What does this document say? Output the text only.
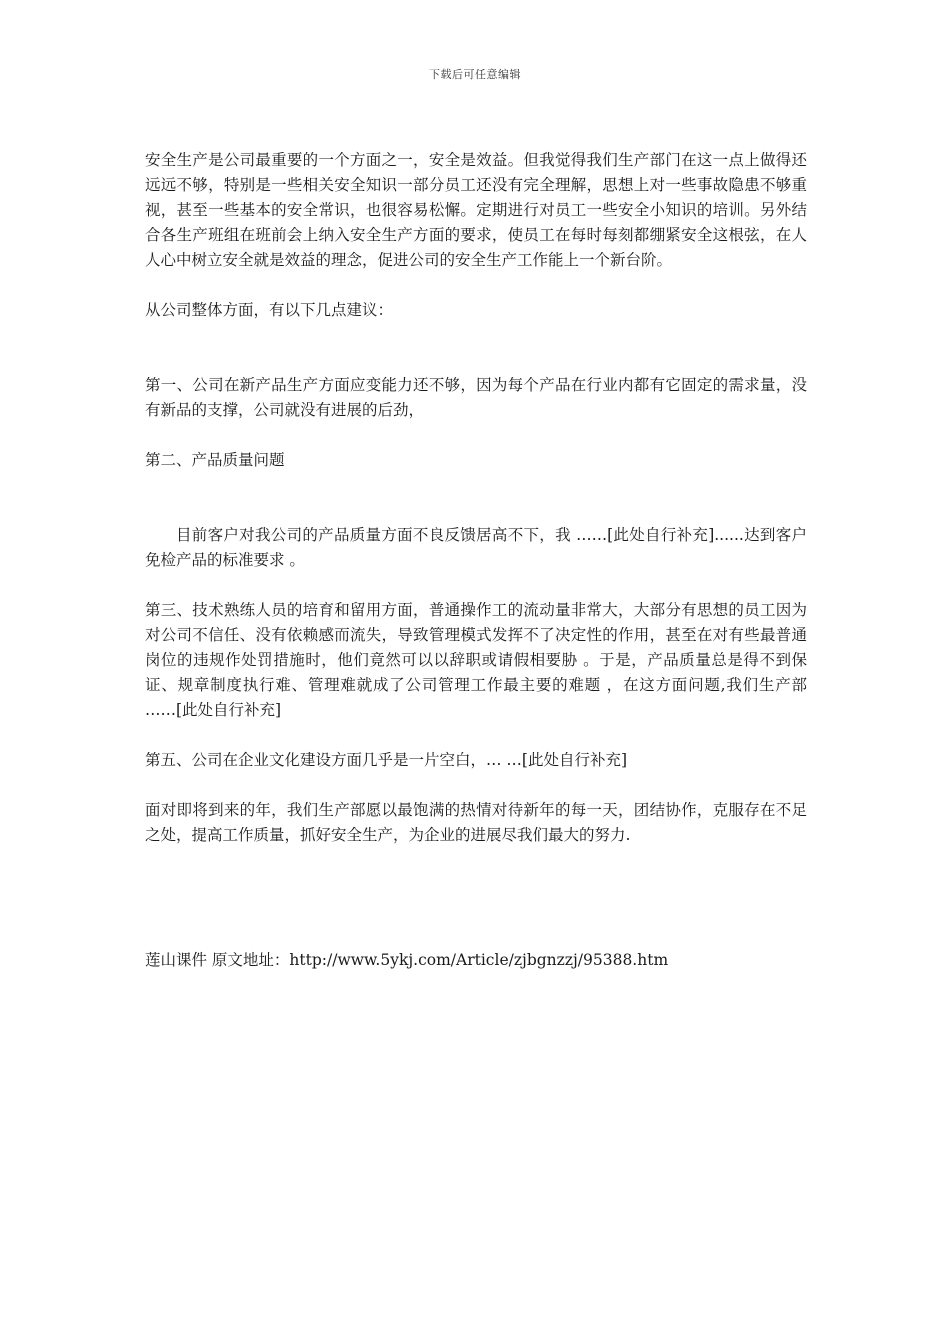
下载后可任意编辑

安全生产是公司最重要的一个方面之一，安全是效益。但我觉得我们生产部门在这一点上做得还远远不够，特别是一些相关安全知识一部分员工还没有完全理解，思想上对一些事故隐患不够重视，甚至一些基本的安全常识，也很容易松懈。定期进行对员工一些安全小知识的培训。另外结合各生产班组在班前会上纳入安全生产方面的要求，使员工在每时每刻都绷紧安全这根弦，在人人心中树立安全就是效益的理念，促进公司的安全生产工作能上一个新台阶。

从公司整体方面，有以下几点建议：

第一、公司在新产品生产方面应变能力还不够，因为每个产品在行业内都有它固定的需求量，没有新品的支撑，公司就没有进展的后劲，

第二、产品质量问题

目前客户对我公司的产品质量方面不良反馈居高不下，我 ……[此处自行补充]......达到客户免检产品的标准要求 。

第三、技术熟练人员的培育和留用方面，普通操作工的流动量非常大，大部分有思想的员工因为对公司不信任、没有依赖感而流失，导致管理模式发挥不了决定性的作用，甚至在对有些最普通岗位的违规作处罚措施时，他们竟然可以以辞职或请假相要胁 。于是，产品质量总是得不到保证、规章制度执行难、管理难就成了公司管理工作最主要的难题 ，在这方面问题,我们生产部 ……[此处自行补充]

第五、公司在企业文化建设方面几乎是一片空白，… …[此处自行补充]

面对即将到来的年，我们生产部愿以最饱满的热情对待新年的每一天，团结协作，克服存在不足之处，提高工作质量，抓好安全生产，为企业的进展尽我们最大的努力.

莲山课件 原文地址：http://www.5ykj.com/Article/zjbgnzzj/95388.htm
